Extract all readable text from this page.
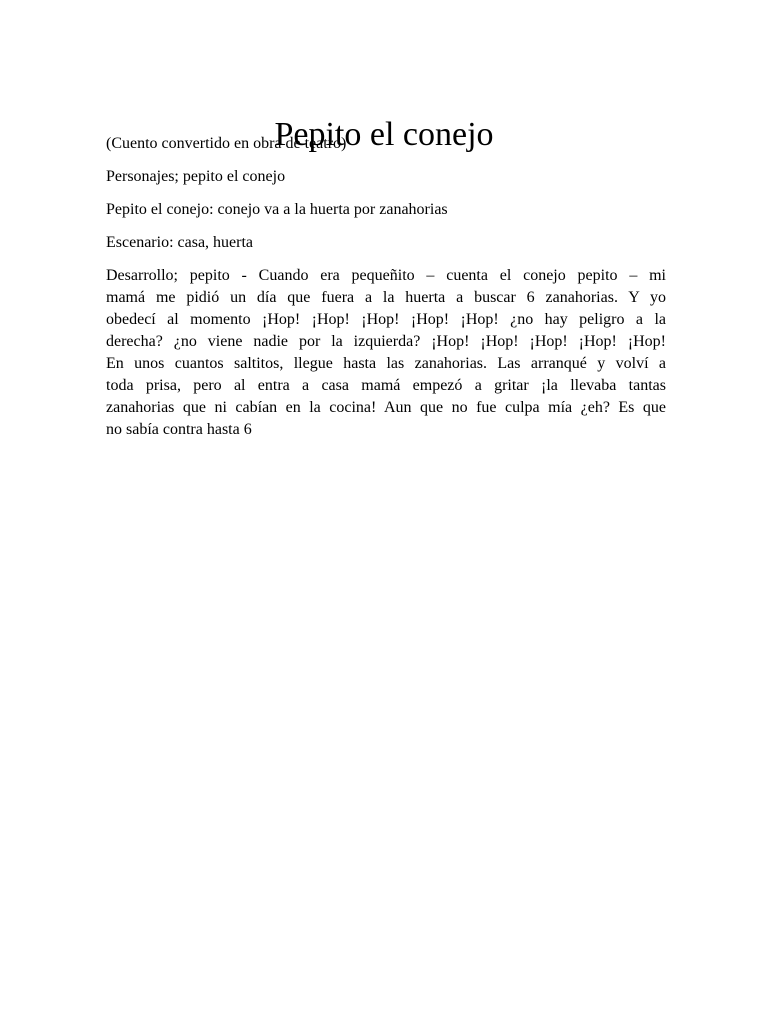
Pepito el conejo

(Cuento convertido en obra de teatro)

Personajes; pepito el conejo

Pepito el conejo: conejo va a la huerta por zanahorias

Escenario: casa, huerta

Desarrollo; pepito - Cuando era pequeñito – cuenta el conejo pepito – mi
mamá me pidió un día que fuera a la huerta a buscar 6 zanahorias. Y yo
obedecí al momento ¡Hop! ¡Hop! ¡Hop! ¡Hop! ¡Hop! ¿no hay peligro a la
derecha? ¿no viene nadie por la izquierda? ¡Hop! ¡Hop! ¡Hop! ¡Hop! ¡Hop!
En unos cuantos saltitos, llegue hasta las zanahorias. Las arranqué y volví a
toda prisa, pero al entra a casa mamá empezó a gritar ¡la llevaba tantas
zanahorias que ni cabían en la cocina! Aun que no fue culpa mía ¿eh? Es que
no sabía contra hasta 6
